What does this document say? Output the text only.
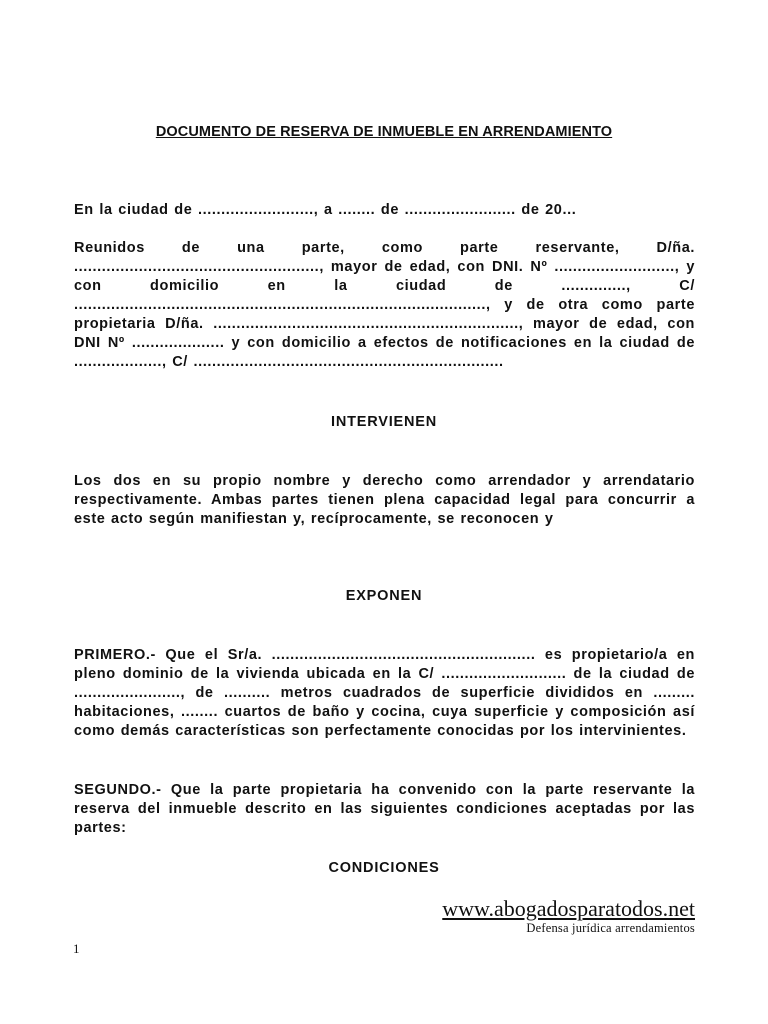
DOCUMENTO DE RESERVA DE INMUEBLE EN ARRENDAMIENTO
En la ciudad de ........................., a ........ de ........................ de 20...
Reunidos de una parte, como parte reservante, D/ña. ....................................................., mayor de edad, con DNI. Nº .........................., y con domicilio en la ciudad de .............., C/ ........................................................................................., y de otra como parte propietaria D/ña. .................................................................., mayor de edad, con DNI Nº .................... y con domicilio a efectos de notificaciones en la ciudad de ..................., C/ ...................................................................
INTERVIENEN
Los dos en su propio nombre y derecho como arrendador y arrendatario respectivamente. Ambas partes tienen plena capacidad legal para concurrir a este acto según manifiestan y, recíprocamente, se reconocen y
EXPONEN
PRIMERO.- Que el Sr/a. ......................................................... es propietario/a en pleno dominio de la vivienda ubicada en la C/ ........................... de la ciudad de ......................., de .......... metros cuadrados de superficie divididos en ......... habitaciones, ........ cuartos de baño y cocina, cuya superficie y composición así como demás características son perfectamente conocidas por los intervinientes.
SEGUNDO.- Que la parte propietaria ha convenido con la parte reservante la reserva del inmueble descrito en las siguientes condiciones aceptadas por las partes:
CONDICIONES
www.abogadosparatodos.net
Defensa jurídica arrendamientos
1
